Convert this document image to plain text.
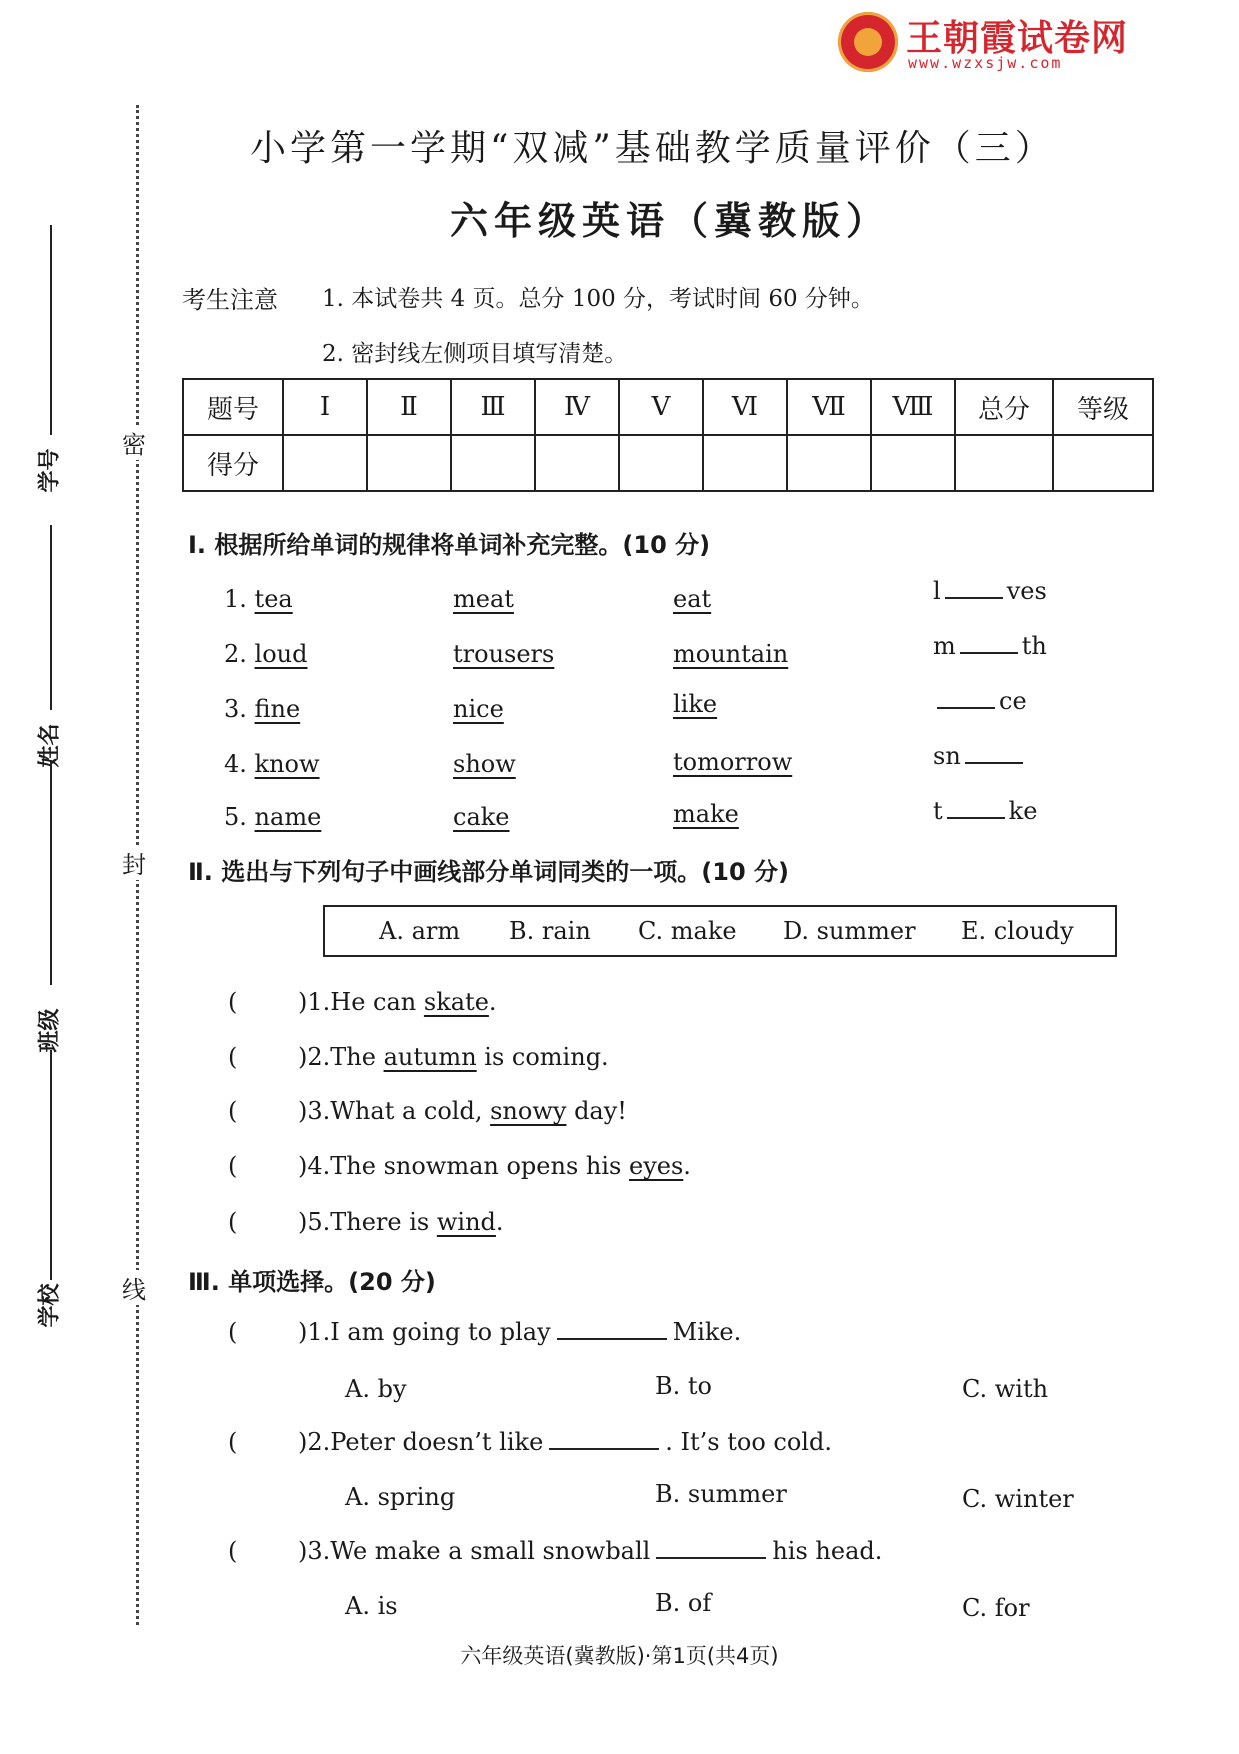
王朝霞试卷网
www.wzxsjw.com
密
封
线
学号
姓名
班级
学校
小学第一学期“双减”基础教学质量评价（三）
六年级英语（冀教版）
考生注意 1. 本试卷共 4 页。总分 100 分，考试时间 60 分钟。
2. 密封线左侧项目填写清楚。
题号	Ⅰ	Ⅱ	Ⅲ	Ⅳ	Ⅴ	Ⅵ	Ⅶ	Ⅷ	总分	等级
得分										
Ⅰ. 根据所给单词的规律将单词补充完整。(10 分)
1. tea	meat	eat	l	ves
2. loud	trousers	mountain	m	th
3. fine	nice	like	ce
4. know	show	tomorrow	sn
5. name	cake	make	t	ke
Ⅱ. 选出与下列句子中画线部分单词同类的一项。(10 分)
A. arm B. rain C. make D. summer E. cloudy
(	)1.He can skate.
(	)2.The autumn is coming.
(	)3.What a cold, snowy day!
(	)4.The snowman opens his eyes.
(	)5.There is wind.
Ⅲ. 单项选择。(20 分)
(	)1.I am going to play	Mike.
A. by	B. to	C. with
(	)2.Peter doesn’t like	. It’s too cold.
A. spring	B. summer	C. winter
(	)3.We make a small snowball	his head.
A. is	B. of	C. for
六年级英语(冀教版)·第1页(共4页)
